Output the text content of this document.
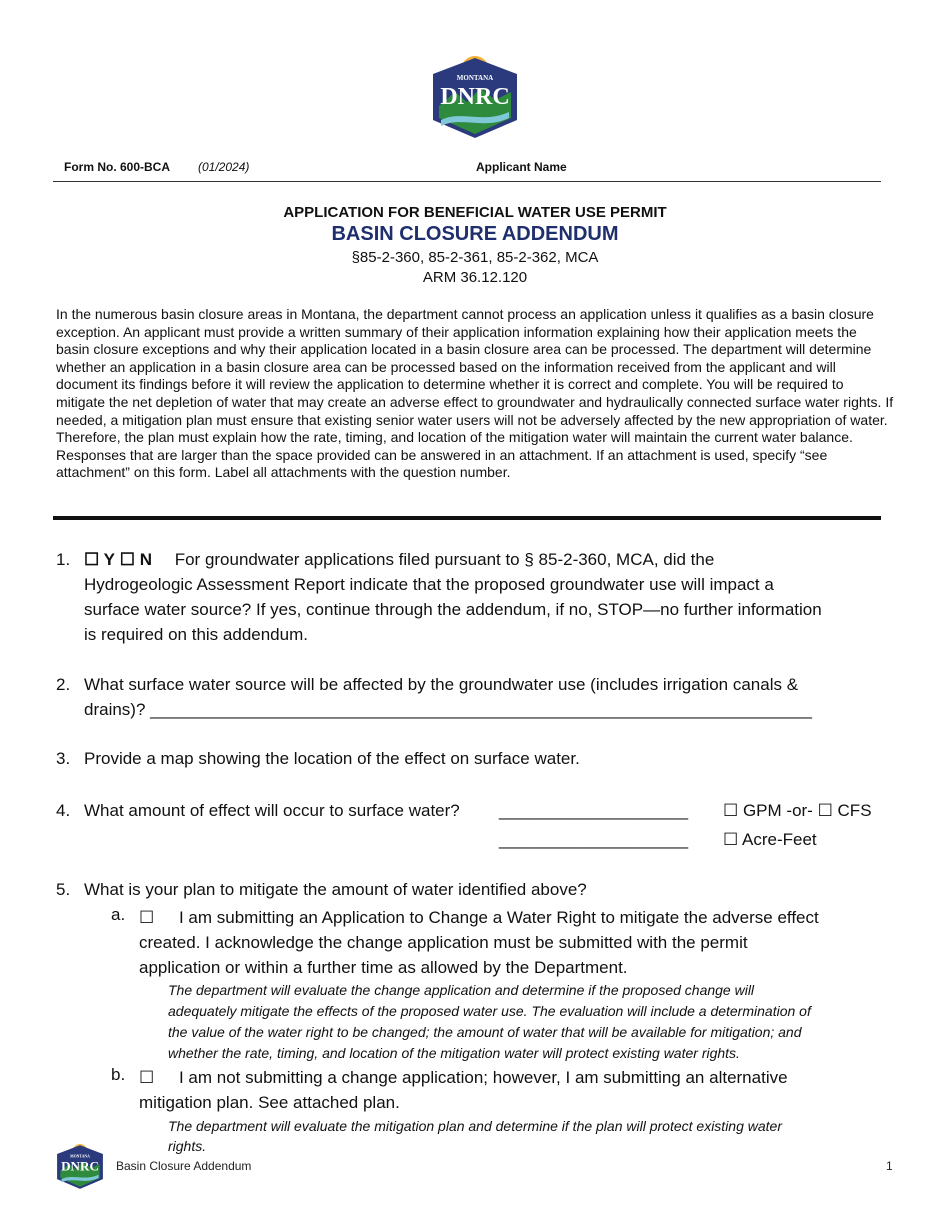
MONTANA
DNRC
Form No. 600-BCA (01/2024)	Applicant Name
APPLICATION FOR BENEFICIAL WATER USE PERMIT
BASIN CLOSURE ADDENDUM
§85-2-360, 85-2-361, 85-2-362, MCA
ARM 36.12.120
In the numerous basin closure areas in Montana, the department cannot process an application unless it qualifies as a basin closure exception. An applicant must provide a written summary of their application information explaining how their application meets the basin closure exceptions and why their application located in a basin closure area can be processed. The department will determine whether an application in a basin closure area can be processed based on the information received from the applicant and will document its findings before it will review the application to determine whether it is correct and complete. You will be required to mitigate the net depletion of water that may create an adverse effect to groundwater and hydraulically connected surface water rights. If needed, a mitigation plan must ensure that existing senior water users will not be adversely affected by the new appropriation of water. Therefore, the plan must explain how the rate, timing, and location of the mitigation water will maintain the current water balance. Responses that are larger than the space provided can be answered in an attachment. If an attachment is used, specify “see attachment” on this form. Label all attachments with the question number.
1. ☐ Y ☐ N For groundwater applications filed pursuant to § 85-2-360, MCA, did the
Hydrogeologic Assessment Report indicate that the proposed groundwater use will impact a
surface water source? If yes, continue through the addendum, if no, STOP—no further information
is required on this addendum.
2. What surface water source will be affected by the groundwater use (includes irrigation canals &
drains)? ______________________________________________________________________
3. Provide a map showing the location of the effect on surface water.
4. What amount of effect will occur to surface water?	____________________ ☐ GPM -or- ☐ CFS
____________________ ☐ Acre-Feet
5. What is your plan to mitigate the amount of water identified above?
a. ☐ I am submitting an Application to Change a Water Right to mitigate the adverse effect
created. I acknowledge the change application must be submitted with the permit
application or within a further time as allowed by the Department.
The department will evaluate the change application and determine if the proposed change will
adequately mitigate the effects of the proposed water use. The evaluation will include a determination of
the value of the water right to be changed; the amount of water that will be available for mitigation; and
whether the rate, timing, and location of the mitigation water will protect existing water rights.
b. ☐ I am not submitting a change application; however, I am submitting an alternative
mitigation plan. See attached plan.
The department will evaluate the mitigation plan and determine if the plan will protect existing water
rights.
MONTANA
DNRC Basin Closure Addendum	1
